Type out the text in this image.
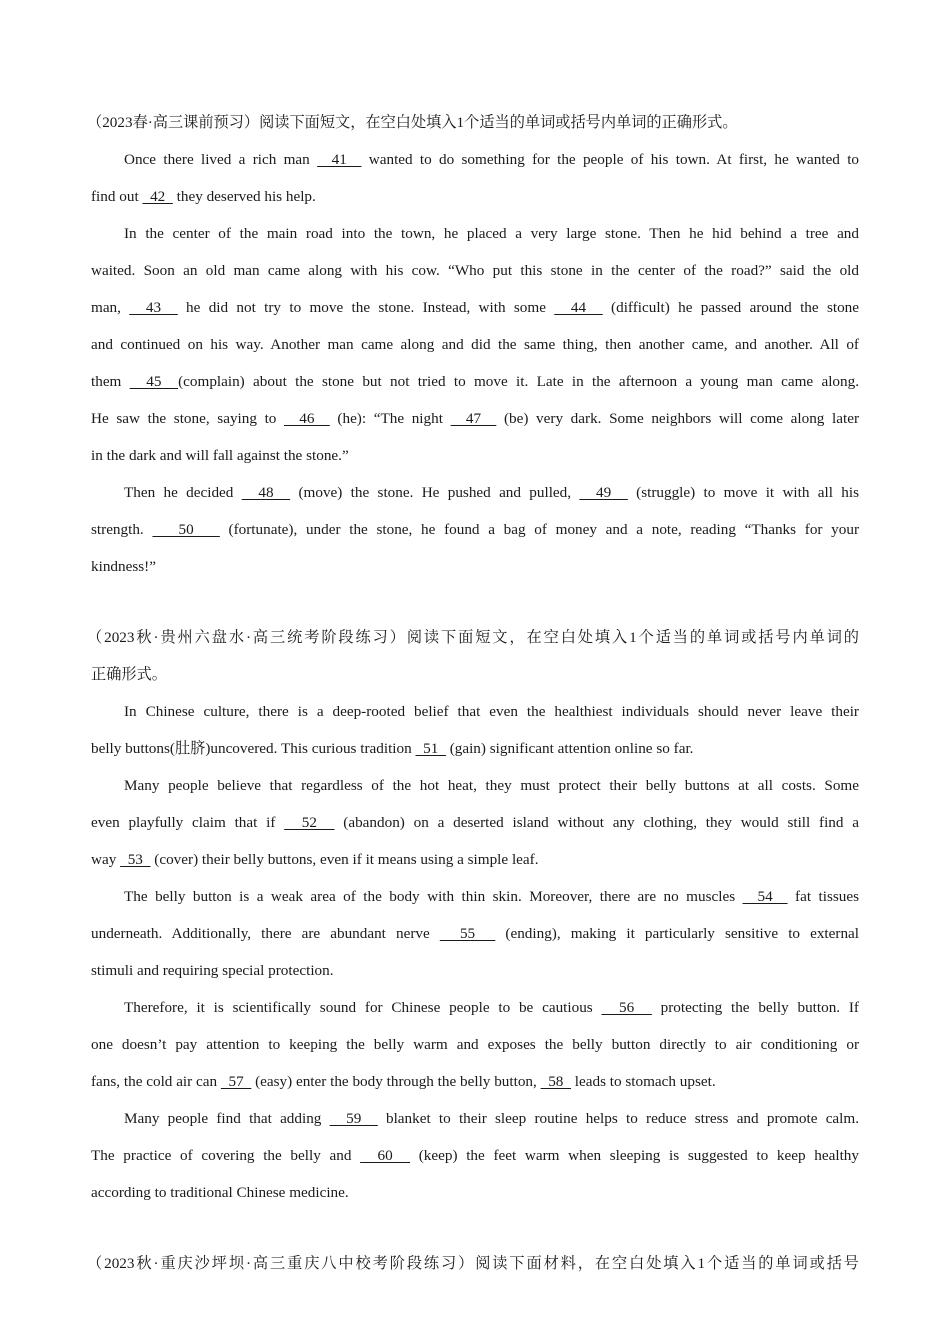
（2023春·高三课前预习）阅读下面短文，在空白处填入1个适当的单词或括号内单词的正确形式。
Once there lived a rich man   41   wanted to do something for the people of his town. At first, he wanted to
find out   42   they deserved his help.
In the center of the main road into the town, he placed a very large stone. Then he hid behind a tree and
waited. Soon an old man came along with his cow. “Who put this stone in the center of the road?” said the old
man,   43   he did not try to move the stone. Instead, with some   44   (difficult) he passed around the stone
and continued on his way. Another man came along and did the same thing, then another came, and another. All of
them   45  (complain) about the stone but not tried to move it. Late in the afternoon a young man came along.
He saw the stone, saying to   46   (he): “The night   47   (be) very dark. Some neighbors will come along later
in the dark and will fall against the stone.”
Then he decided   48   (move) the stone. He pushed and pulled,   49   (struggle) to move it with all his
strength.    50    (fortunate), under the stone, he found a bag of money and a note, reading “Thanks for your
kindness!”
（2023秋·贵州六盘水·高三统考阶段练习）阅读下面短文，在空白处填入1个适当的单词或括号内单词的
正确形式。
In Chinese culture, there is a deep-rooted belief that even the healthiest individuals should never leave their
belly buttons(肚脐)uncovered. This curious tradition   51   (gain) significant attention online so far.
Many people believe that regardless of the hot heat, they must protect their belly buttons at all costs. Some
even playfully claim that if   52   (abandon) on a deserted island without any clothing, they would still find a
way   53   (cover) their belly buttons, even if it means using a simple leaf.
The belly button is a weak area of the body with thin skin. Moreover, there are no muscles   54   fat tissues
underneath. Additionally, there are abundant nerve   55   (ending), making it particularly sensitive to external
stimuli and requiring special protection.
Therefore, it is scientifically sound for Chinese people to be cautious   56   protecting the belly button. If
one doesn’t pay attention to keeping the belly warm and exposes the belly button directly to air conditioning or
fans, the cold air can   57   (easy) enter the body through the belly button,   58   leads to stomach upset.
Many people find that adding   59   blanket to their sleep routine helps to reduce stress and promote calm.
The practice of covering the belly and   60   (keep) the feet warm when sleeping is suggested to keep healthy
according to traditional Chinese medicine.
（2023秋·重庆沙坪坝·高三重庆八中校考阶段练习）阅读下面材料，在空白处填入1个适当的单词或括号
